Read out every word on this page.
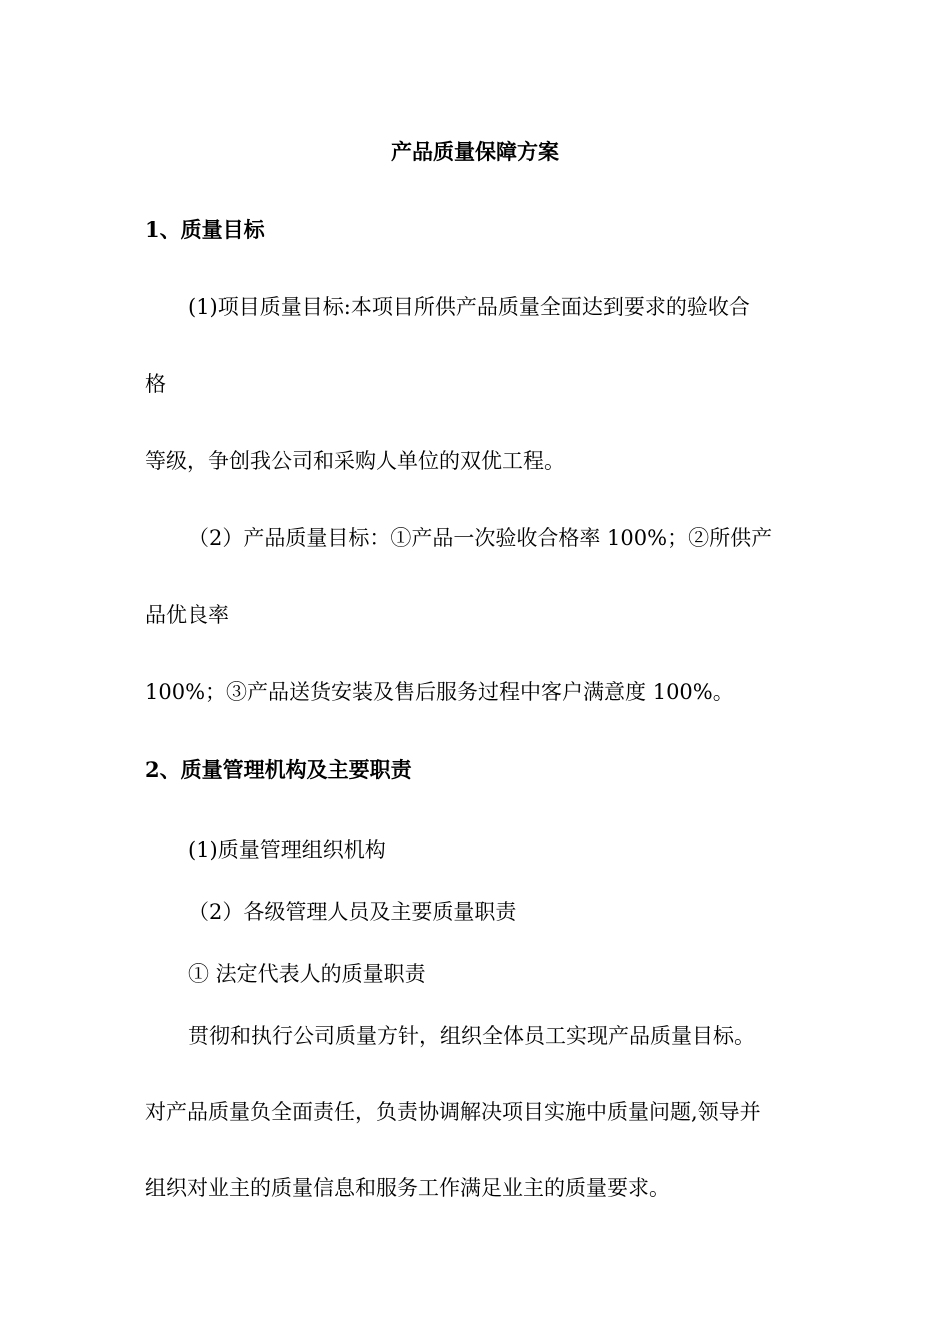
产品质量保障方案
1、质量目标
(1)项目质量目标:本项目所供产品质量全面达到要求的验收合
格
等级，争创我公司和采购人单位的双优工程。
（2）产品质量目标：①产品一次验收合格率 100%；②所供产
品优良率
100%；③产品送货安装及售后服务过程中客户满意度 100%。
2、质量管理机构及主要职责
(1)质量管理组织机构
（2）各级管理人员及主要质量职责
① 法定代表人的质量职责
贯彻和执行公司质量方针，组织全体员工实现产品质量目标。
对产品质量负全面责任，负责协调解决项目实施中质量问题,领导并
组织对业主的质量信息和服务工作满足业主的质量要求。
